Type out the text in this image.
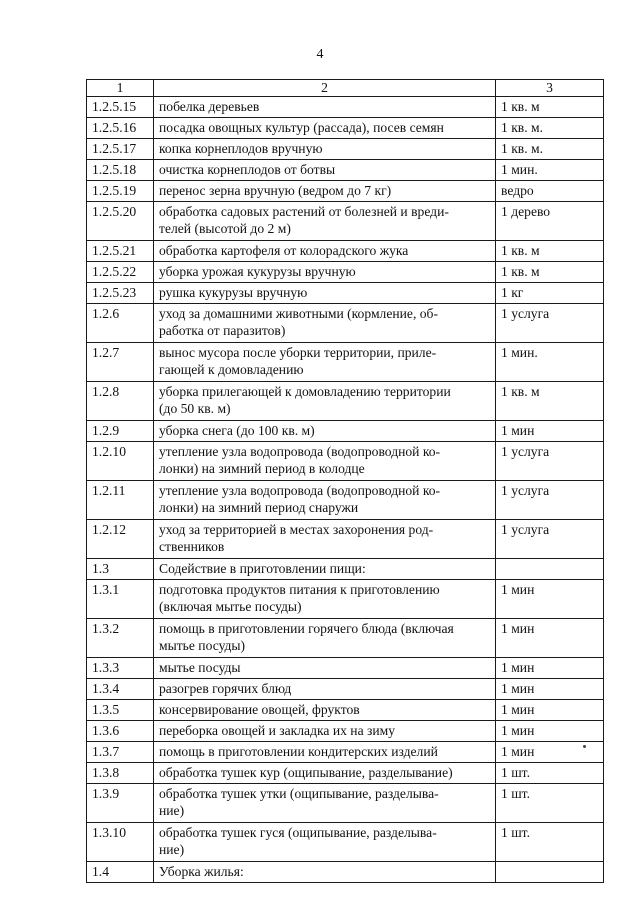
4
1	2	3
1.2.5.15	побелка деревьев	1 кв. м
1.2.5.16	посадка овощных культур (рассада), посев семян	1 кв. м.
1.2.5.17	копка корнеплодов вручную	1 кв. м.
1.2.5.18	очистка корнеплодов от ботвы	1 мин.
1.2.5.19	перенос зерна вручную (ведром до 7 кг)	ведро
1.2.5.20	обработка садовых растений от болезней и вреди-
телей (высотой до 2 м)	1 дерево
1.2.5.21	обработка картофеля от колорадского жука	1 кв. м
1.2.5.22	уборка урожая кукурузы вручную	1 кв. м
1.2.5.23	рушка кукурузы вручную	1 кг
1.2.6	уход за домашними животными (кормление, об-
работка от паразитов)	1 услуга
1.2.7	вынос мусора после уборки территории, приле-
гающей к домовладению	1 мин.
1.2.8	уборка прилегающей к домовладению территории
(до 50 кв. м)	1 кв. м
1.2.9	уборка снега (до 100 кв. м)	1 мин
1.2.10	утепление узла водопровода (водопроводной ко-
лонки) на зимний период в колодце	1 услуга
1.2.11	утепление узла водопровода (водопроводной ко-
лонки) на зимний период снаружи	1 услуга
1.2.12	уход за территорией в местах захоронения род-
ственников	1 услуга
1.3	Содействие в приготовлении пищи:	
1.3.1	подготовка продуктов питания к приготовлению
(включая мытье посуды)	1 мин
1.3.2	помощь в приготовлении горячего блюда (включая
мытье посуды)	1 мин
1.3.3	мытье посуды	1 мин
1.3.4	разогрев горячих блюд	1 мин
1.3.5	консервирование овощей, фруктов	1 мин
1.3.6	переборка овощей и закладка их на зиму	1 мин
1.3.7	помощь в приготовлении кондитерских изделий	1 мин
1.3.8	обработка тушек кур (ощипывание, разделывание)	1 шт.
1.3.9	обработка тушек утки (ощипывание, разделыва-
ние)	1 шт.
1.3.10	обработка тушек гуся (ощипывание, разделыва-
ние)	1 шт.
1.4	Уборка жилья:	
